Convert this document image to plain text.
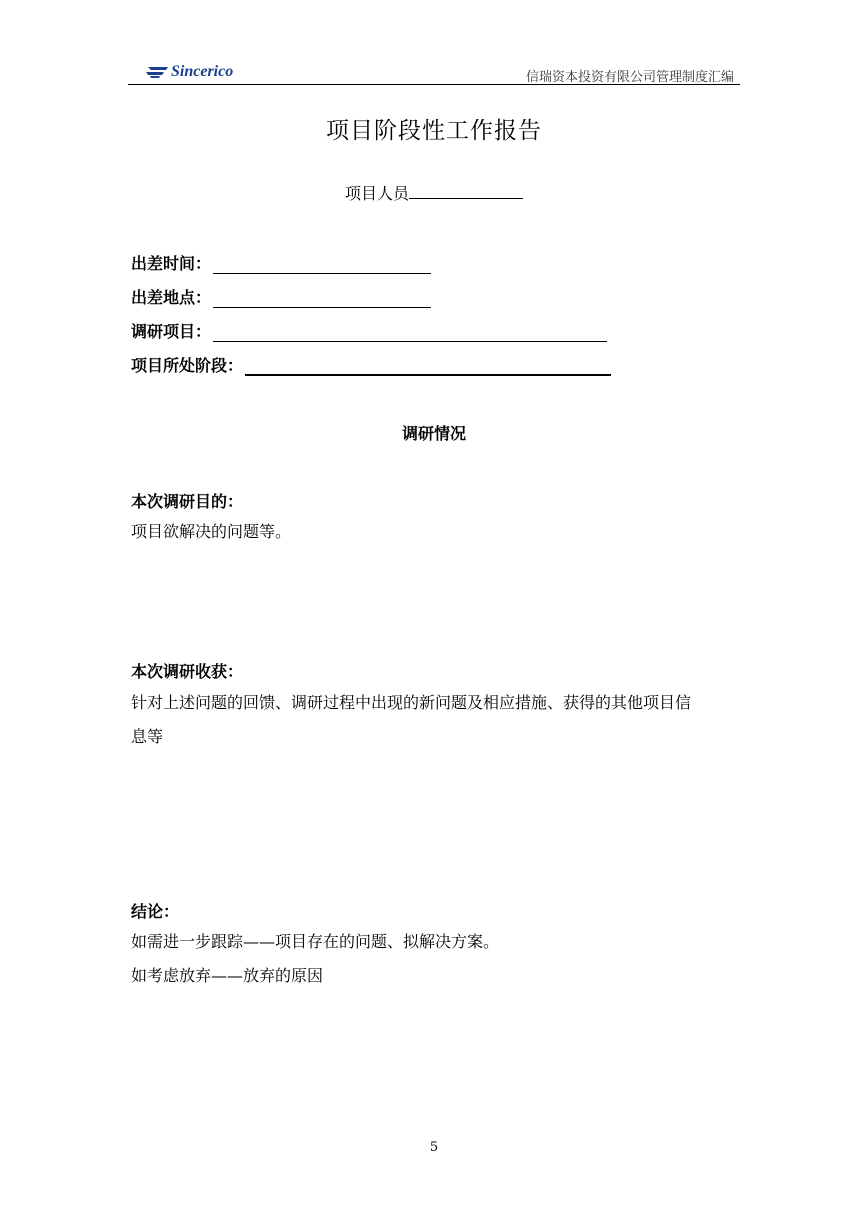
Sincerico	信瑞资本投资有限公司管理制度汇编
项目阶段性工作报告
项目人员
出差时间：
出差地点：
调研项目：
项目所处阶段：
调研情况
本次调研目的：
项目欲解决的问题等。
本次调研收获：
针对上述问题的回馈、调研过程中出现的新问题及相应措施、获得的其他项目信
息等
结论：
如需进一步跟踪——项目存在的问题、拟解决方案。
如考虑放弃——放弃的原因
5
